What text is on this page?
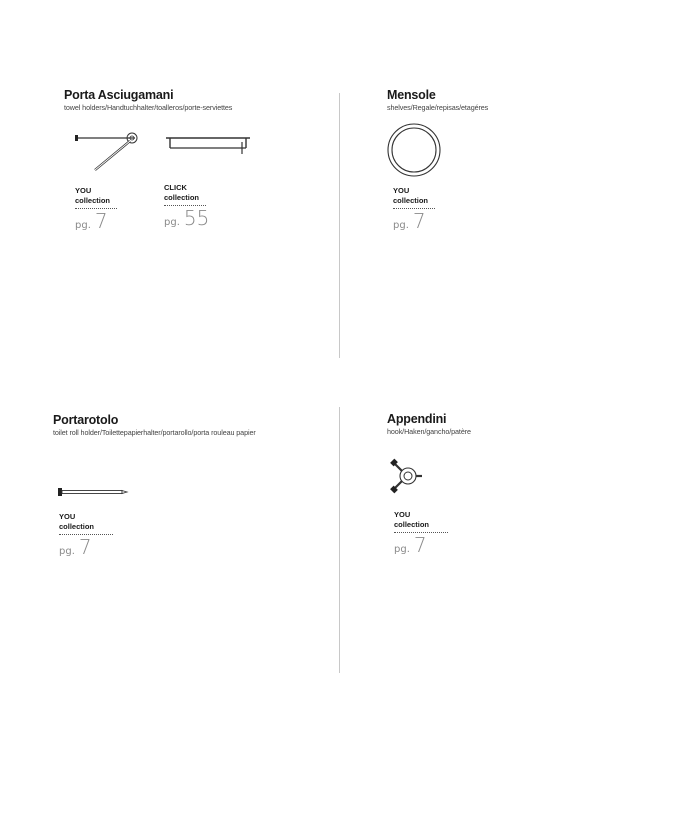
Porta Asciugamani
towel holders/Handtuchhalter/toalleros/porte-serviettes
YOU
collection
pg. 7
CLICK
collection
pg. 55
Mensole
shelves/Regale/repisas/etagéres
YOU
collection
pg. 7
Portarotolo
toilet roll holder/Toilettepapierhalter/portarollo/porta rouleau papier
YOU
collection
pg. 7
Appendini
hook/Haken/gancho/patère
YOU
collection
pg. 7
